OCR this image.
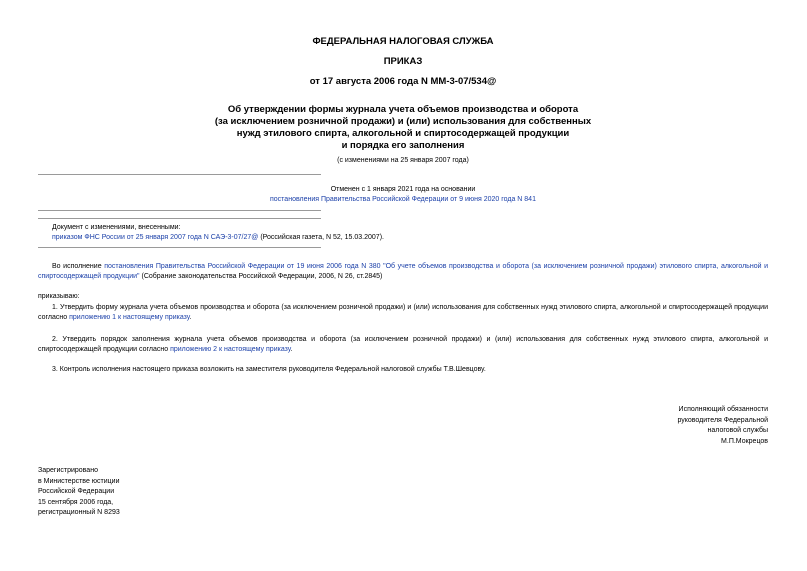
ФЕДЕРАЛЬНАЯ НАЛОГОВАЯ СЛУЖБА
ПРИКАЗ
от 17 августа 2006 года N ММ-3-07/534@
Об утверждении формы журнала учета объемов производства и оборота
(за исключением розничной продажи) и (или) использования для собственных
нужд этилового спирта, алкогольной и спиртосодержащей продукции
и порядка его заполнения
(с изменениями на 25 января 2007 года)
Отменен с 1 января 2021 года на основании
постановления Правительства Российской Федерации от 9 июня 2020 года N 841
Документ с изменениями, внесенными:
приказом ФНС России от 25 января 2007 года N САЭ-3-07/27@ (Российская газета, N 52, 15.03.2007).
Во исполнение постановления Правительства Российской Федерации от 19 июня 2006 года N 380 "Об учете объемов производства и оборота (за исключением розничной продажи) этилового спирта, алкогольной и спиртосодержащей продукции" (Собрание законодательства Российской Федерации, 2006, N 26, ст.2845)
приказываю:
1. Утвердить форму журнала учета объемов производства и оборота (за исключением розничной продажи) и (или) использования для собственных нужд этилового спирта, алкогольной и спиртосодержащей продукции согласно приложению 1 к настоящему приказу.
2. Утвердить порядок заполнения журнала учета объемов производства и оборота (за исключением розничной продажи) и (или) использования для собственных нужд этилового спирта, алкогольной и спиртосодержащей продукции согласно приложению 2 к настоящему приказу.
3. Контроль исполнения настоящего приказа возложить на заместителя руководителя Федеральной налоговой службы Т.В.Шевцову.
Исполняющий обязанности
руководителя Федеральной
налоговой службы
М.П.Мокрецов
Зарегистрировано
в Министерстве юстиции
Российской Федерации
15 сентября 2006 года,
регистрационный N 8293
